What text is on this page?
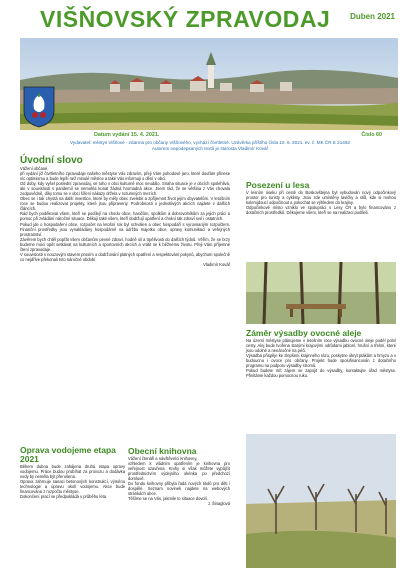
VIŠŇOVSKÝ ZPRAVODAJ Duben 2021
Datum vydání 15. 4. 2021.	Číslo 60
Vydavatel: městys Višňové - zdarma pro občany Višňového, vychází čtvrtletně. Uzávěrka příštího čísla 10. 6. 2021. ev. č. MK ČR E 21492
Autorem nepodepsaných textů je starosta Vladimír Kovář
Úvodní slovo

Vážení občané,

při vydání již čtvrtletního zpravodaje našeho městyse Vás zdravím, přeji Vám pohodové jaro, které doufám přinese víc optimismu a bude lepší než minulé měsíce a také Vás informuji o dění v obci.

Od doby, kdy vyšel poslední zpravodaj, se toho v obci kulturně moc neudálo. Snaha situace je v obcích spolehlivá, ale v souvislosti s pandemií se nemohla konat žádná hromadná akce. Jsem rád, že se většina z Vás chovala zodpovědně, díky tomu se v obci šíření nákazy držela v rozumných mezích.

Obec se i tak chystá na další investice, které by měly obec zvelebit a zpříjemnit život jejím obyvatelům. V letošním roce se budou realizovat projekty, které jsou připraveny. Podrobnosti o jednotlivých akcích najdete v dalších článcích.

Rád bych poděkoval všem, kteří se podílejí na chodu obce, hasičům, spolkům a dobrovolníkům za jejich práci a pomoc při zvládání náročné situace. Děkuji také všem, kteří dodržují opatření a chrání tak zdraví své i ostatních.

Pokud jde o hospodaření obce, rozpočet na letošní rok byl schválen a obec hospodaří s vyrovnaným rozpočtem. Finanční prostředky jsou vynakládány hospodárně na údržbu majetku obce, opravy komunikací a veřejných prostranství.

Závěrem bych chtěl popřát všem občanům pevné zdraví, hodně sil a trpělivosti do dalších týdnů. Věřím, že se brzy budeme moci opět setkávat na kulturních a sportovních akcích a vrátit se k běžnému životu. Přeji Vám příjemné čtení zpravodaje.

V souvislosti s nouzovým stavem prosím o dodržování platných opatření a respektování pokynů, abychom společně co nejdříve překonali toto náročné období.

Vladimír Kovář
Posezení u lesa

V lesním úseku při cestě do Boskovštejna byl vybudován nový odpočinkový prostor pro turisty a cyklisty. Jsou zde umístěny lavičky a stůl, kde si mohou kolemjdoucí odpočinout a pokochat se výhledem do krajiny.

Odpočinkové místo vzniklo ve spolupráci s Lesy ČR a bylo financováno z dotačních prostředků. Děkujeme všem, kteří se na realizaci podíleli.

Záměr výsadby ovocné aleje

Na území městyse plánujeme v letošním roce výsadbu ovocné aleje podél polní cesty. Alej bude tvořena starými krajovými odrůdami jabloní, hrušní a třešní, které jsou odolné a nenáročné na péči.

Výsadba přispěje ke zlepšení krajinného rázu, poskytne úkryt ptákům a hmyzu a v budoucnu i ovoce pro občany. Projekt bude spolufinancován z dotačního programu na podporu výsadby stromů.

Pokud budete mít zájem se zapojit do výsadby, kontaktujte úřad městyse. Přivítáme každou pomocnou ruku.

Oprava vodojeme etapa 2021

Během dubna bude zahájena druhá etapa opravy vodojemu. Práce budou probíhat za provozu a dodávka vody by neměla být přerušena.

Oprava zahrnuje sanaci betonových konstrukcí, výměnu technologie a úpravu okolí vodojemu. Akce bude financována z rozpočtu městyse.

Dokončení prací se předpokládá v průběhu léta.

Obecní knihovna

Vážení čtenáři a návštěvníci knihovny,

vzhledem k vládním opatřením je knihovna pro veřejnost uzavřena. Knihy si však můžete vypůjčit prostřednictvím výdejního okénka po předchozí domluvě.

Do fondu knihovny přibyla řada nových titulů pro děti i dospělé. Seznam novinek najdete na webových stránkách obce.

Těšíme se na Vás, jakmile to situace dovolí.

J. Šinaglová
